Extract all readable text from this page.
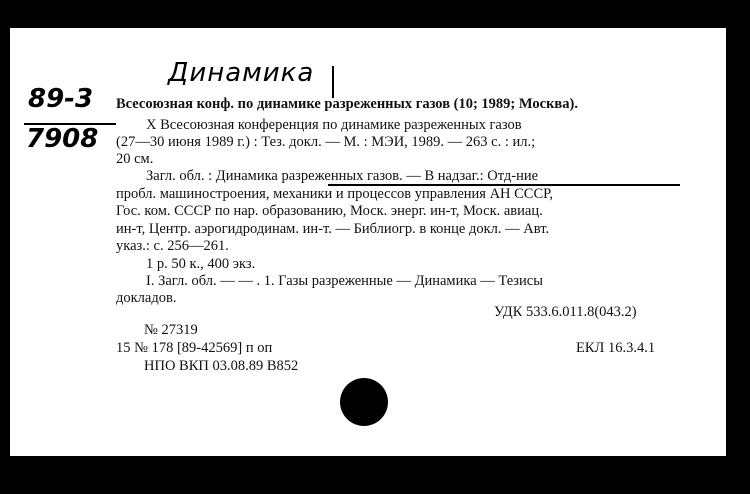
Динамика
89-3
7908
Всесоюзная конф. по динамике разреженных газов (10; 1989; Москва).
X Всесоюзная конференция по динамике разреженных газов
(27—30 июня 1989 г.) : Тез. докл. — М. : МЭИ, 1989. — 263 с. : ил.;
20 см.
Загл. обл. : Динамика разреженных газов. — В надзаг.: Отд-ние
пробл. машиностроения, механики и процессов управления АН СССР,
Гос. ком. СССР по нар. образованию, Моск. энерг. ин-т, Моск. авиац.
ин-т, Центр. аэрогидродинам. ин-т. — Библиогр. в конце докл. — Авт.
указ.: с. 256—261.
1 р. 50 к., 400 экз.
I. Загл. обл. — — . 1. Газы разреженные — Динамика — Тезисы
докладов.
УДК 533.6.011.8(043.2)
№ 27319
15 № 178 [89-42569] п оп	ЕКЛ 16.3.4.1
НПО ВКП 03.08.89 В852
